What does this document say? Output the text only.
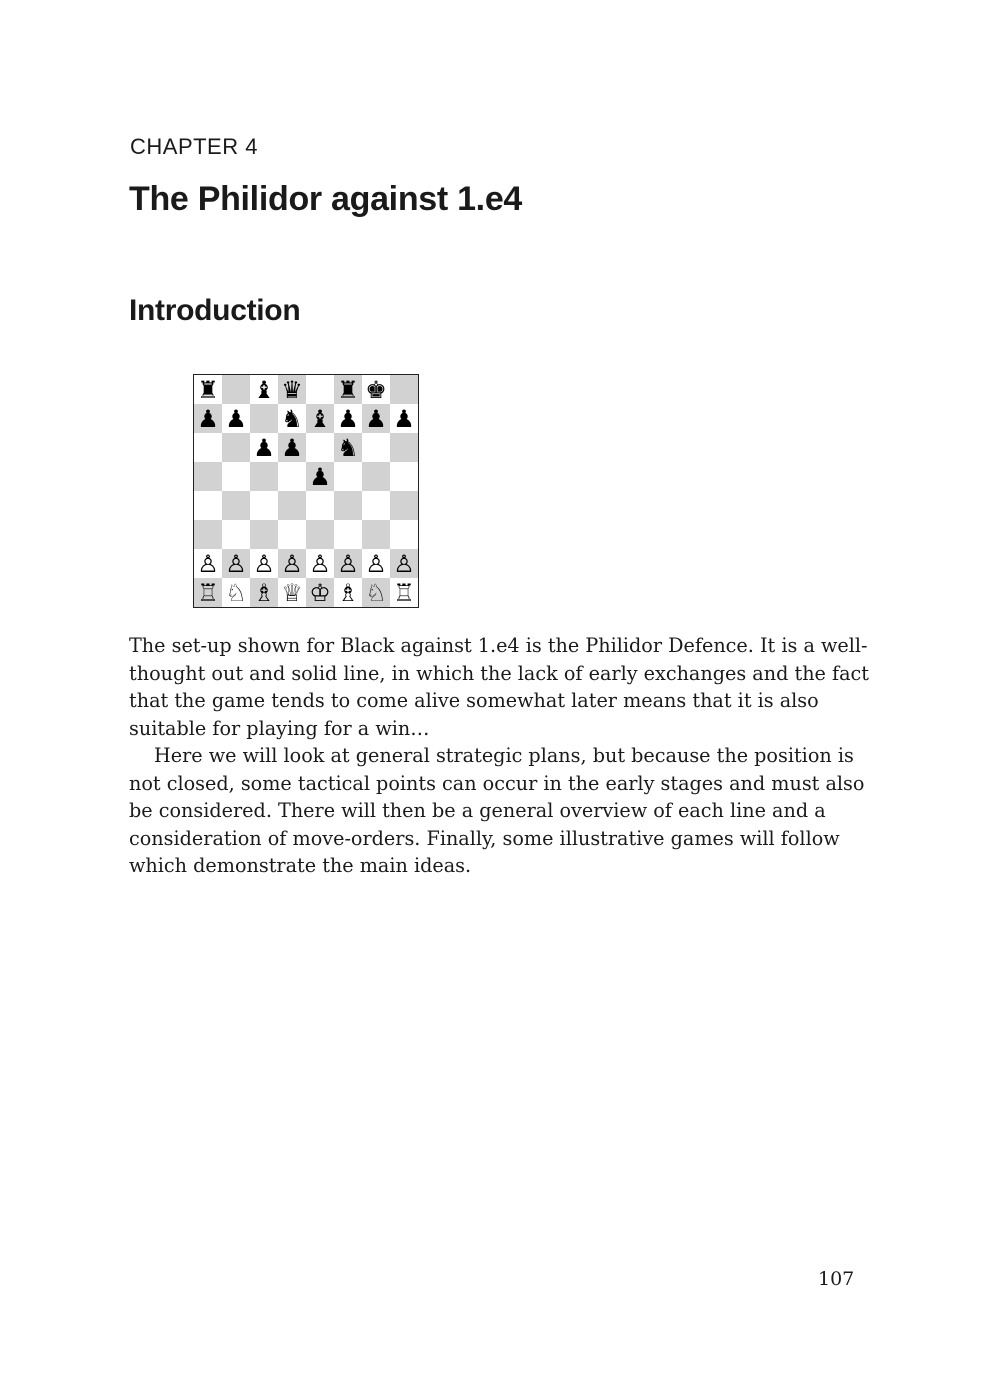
CHAPTER 4
The Philidor against 1.e4
Introduction
♜ ♝ ♛ ♜ ♚
♟ ♟ ♞ ♝ ♟ ♟ ♟
♟ ♟ ♞
♟
♙ ♙ ♙ ♙ ♙ ♙ ♙ ♙
♖ ♘ ♗ ♕ ♔ ♗ ♘ ♖

The set-up shown for Black against 1.e4 is the Philidor Defence. It is a well-thought out and solid line, in which the lack of early exchanges and the fact that the game tends to come alive somewhat later means that it is also suitable for playing for a win…

Here we will look at general strategic plans, but because the position is not closed, some tactical points can occur in the early stages and must also be considered. There will then be a general overview of each line and a consideration of move-orders. Finally, some illustrative games will follow which demonstrate the main ideas.

107
